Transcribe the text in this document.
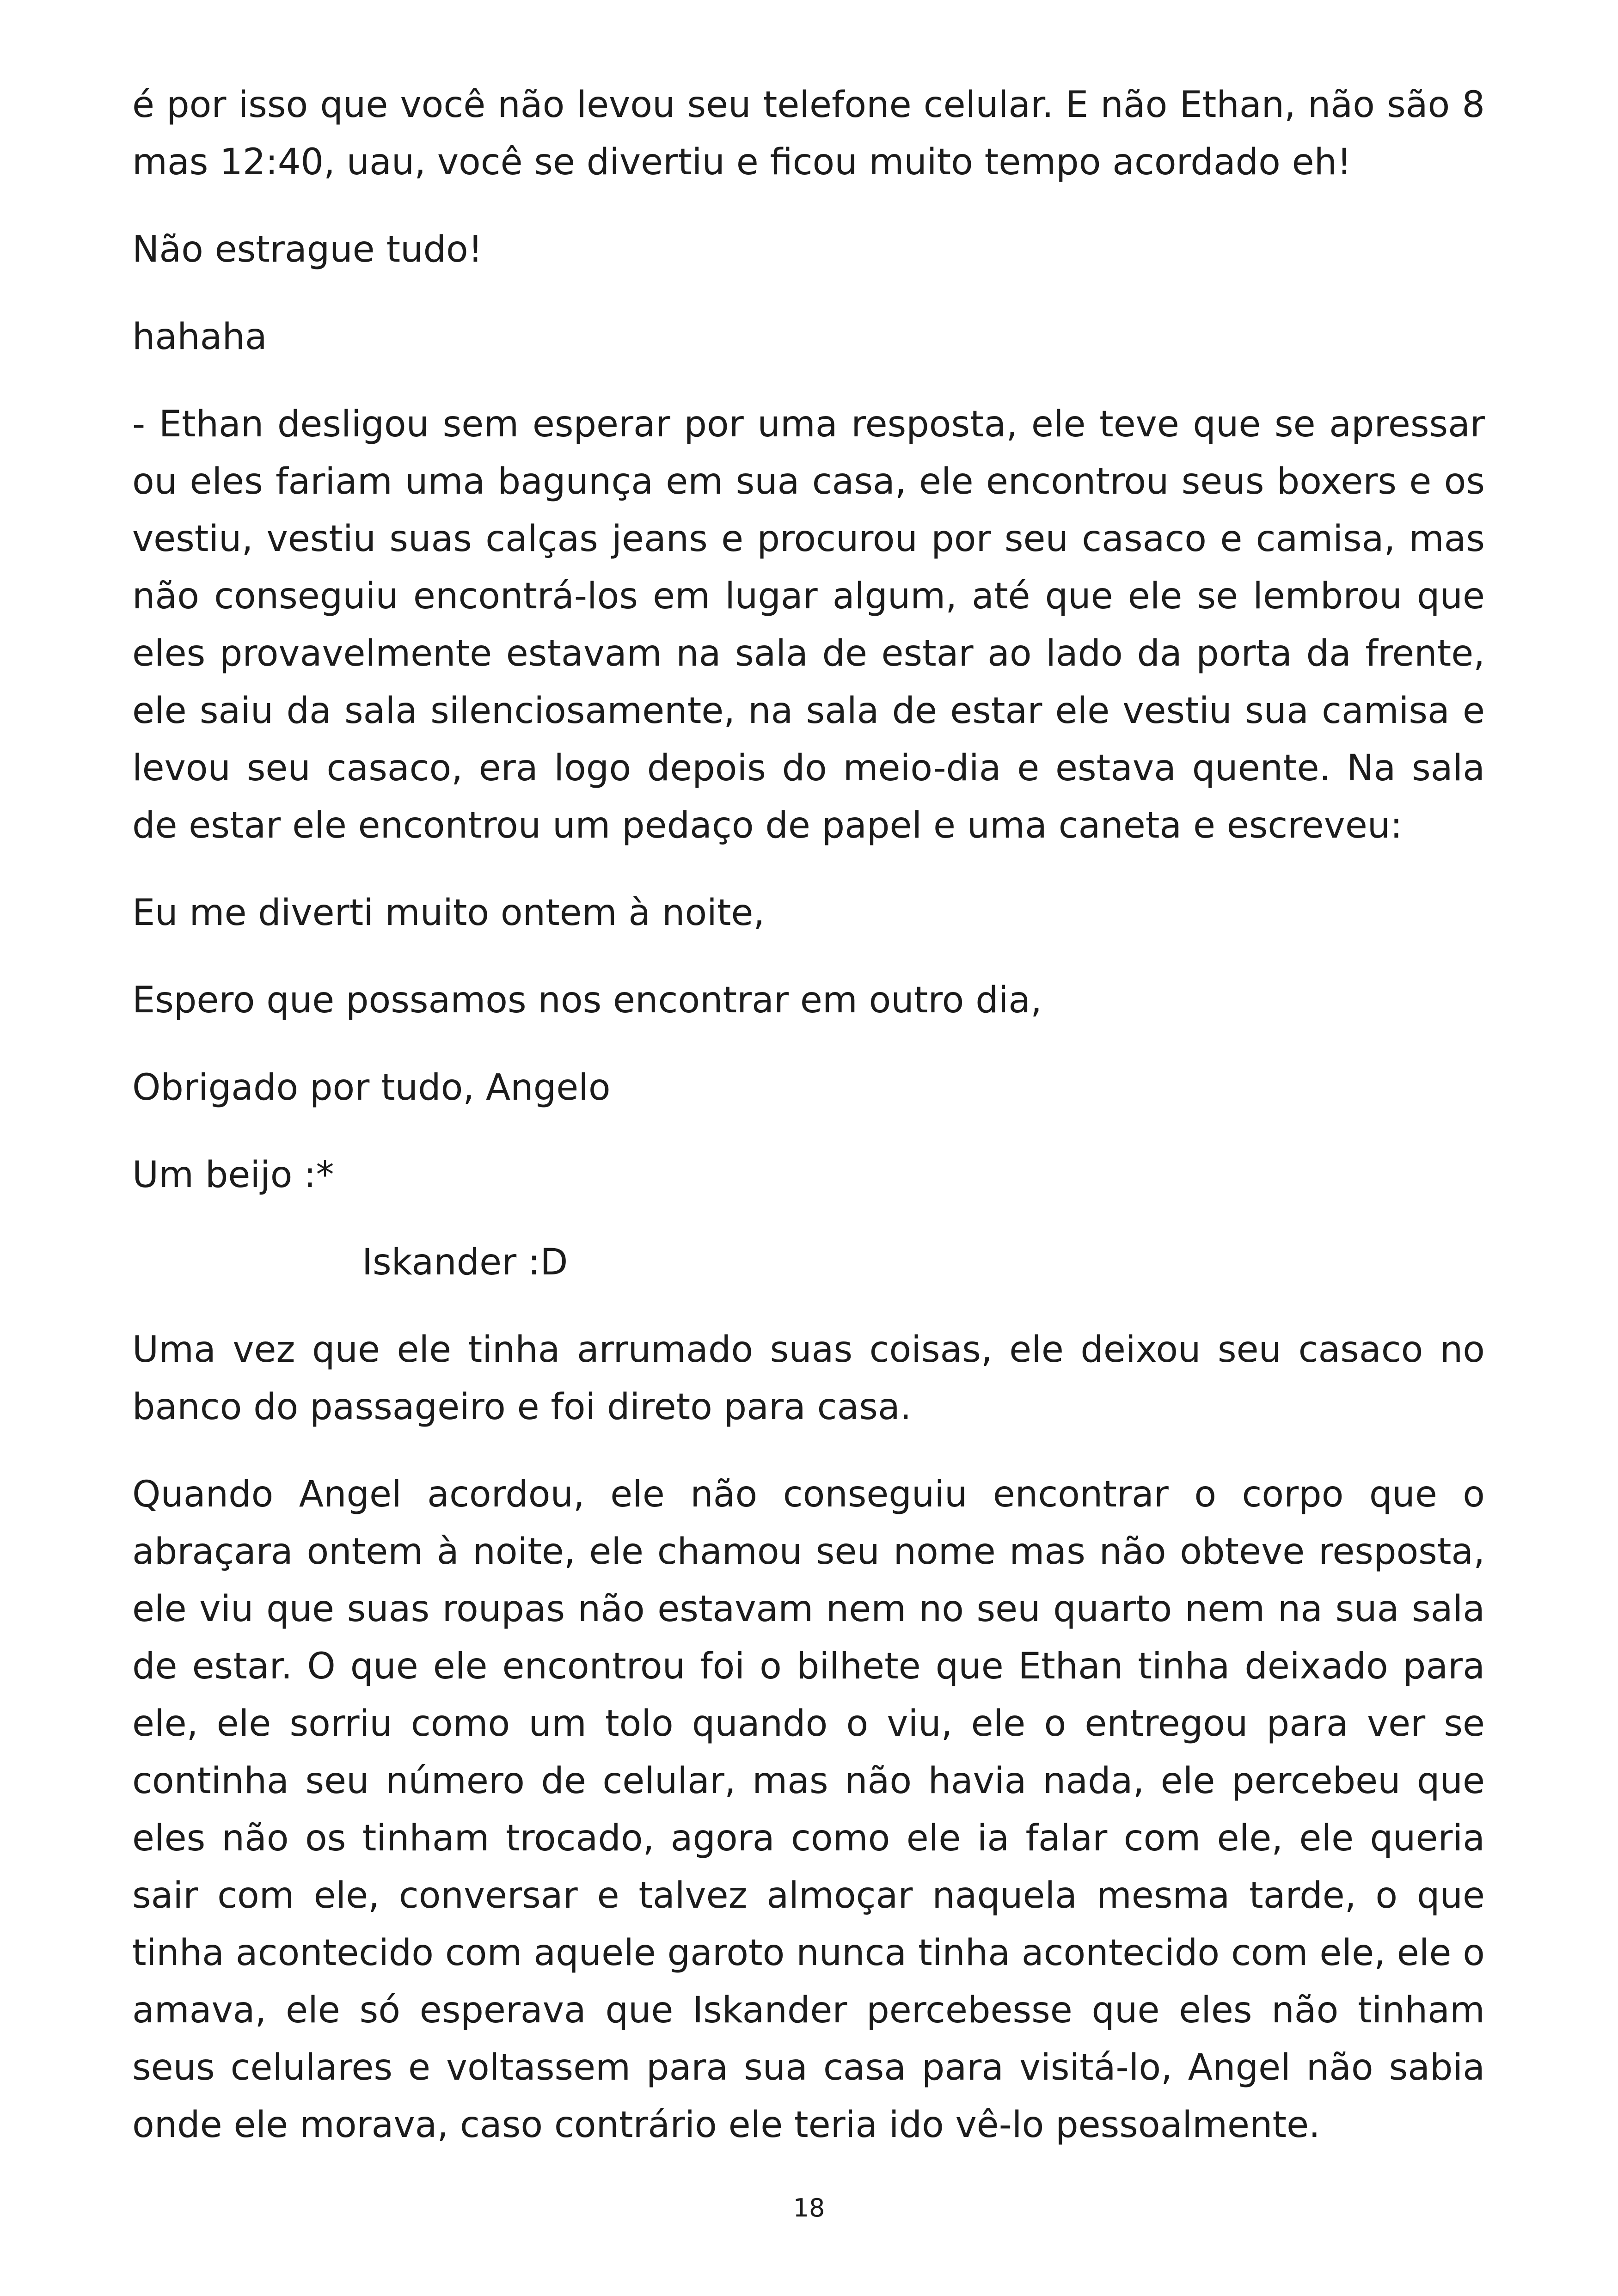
é por isso que você não levou seu telefone celular. E não Ethan, não são 8 mas 12:40, uau, você se divertiu e ficou muito tempo acordado eh!

Não estrague tudo!

hahaha

- Ethan desligou sem esperar por uma resposta, ele teve que se apressar ou eles fariam uma bagunça em sua casa, ele encontrou seus boxers e os vestiu, vestiu suas calças jeans e procurou por seu casaco e camisa, mas não conseguiu encontrá-los em lugar algum, até que ele se lembrou que eles provavelmente estavam na sala de estar ao lado da porta da frente, ele saiu da sala silenciosamente, na sala de estar ele vestiu sua camisa e levou seu casaco, era logo depois do meio-dia e estava quente. Na sala de estar ele encontrou um pedaço de papel e uma caneta e escreveu:

Eu me diverti muito ontem à noite,

Espero que possamos nos encontrar em outro dia,

Obrigado por tudo, Angelo

Um beijo :*

Iskander :D

Uma vez que ele tinha arrumado suas coisas, ele deixou seu casaco no banco do passageiro e foi direto para casa.

Quando Angel acordou, ele não conseguiu encontrar o corpo que o abraçara ontem à noite, ele chamou seu nome mas não obteve resposta, ele viu que suas roupas não estavam nem no seu quarto nem na sua sala de estar. O que ele encontrou foi o bilhete que Ethan tinha deixado para ele, ele sorriu como um tolo quando o viu, ele o entregou para ver se continha seu número de celular, mas não havia nada, ele percebeu que eles não os tinham trocado, agora como ele ia falar com ele, ele queria sair com ele, conversar e talvez almoçar naquela mesma tarde, o que tinha acontecido com aquele garoto nunca tinha acontecido com ele, ele o amava, ele só esperava que Iskander percebesse que eles não tinham seus celulares e voltassem para sua casa para visitá-lo, Angel não sabia onde ele morava, caso contrário ele teria ido vê-lo pessoalmente.

18
